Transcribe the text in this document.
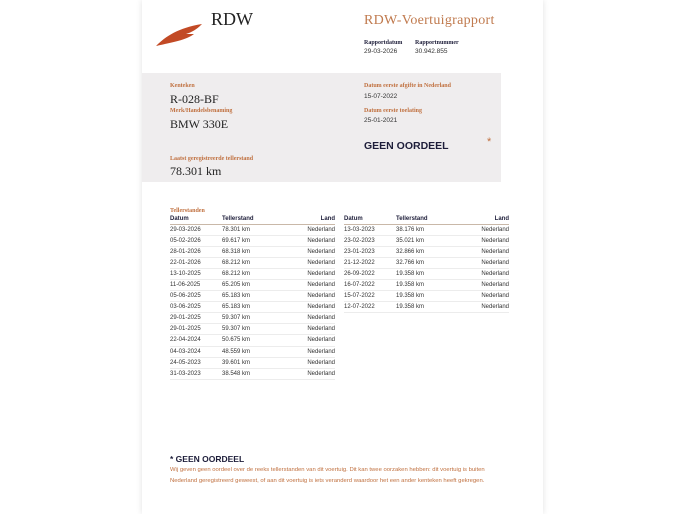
RDW	RDW-Voertuigrapport
Rapportdatum
29-03-2026
Rapportnummer
30.942.855
Kenteken
R-028-BF
Merk/Handelsbenaming
BMW 330E
Laatst geregistreerde tellerstand
78.301 km
Datum eerste afgifte in Nederland
15-07-2022
Datum eerste toelating
25-01-2021
GEEN OORDEEL	*
Tellerstanden
Datum	Tellerstand	Land
29-03-2026	78.301 km	Nederland
05-02-2026	69.617 km	Nederland
28-01-2026	68.318 km	Nederland
22-01-2026	68.212 km	Nederland
13-10-2025	68.212 km	Nederland
11-06-2025	65.205 km	Nederland
05-06-2025	65.183 km	Nederland
03-06-2025	65.183 km	Nederland
29-01-2025	59.307 km	Nederland
29-01-2025	59.307 km	Nederland
22-04-2024	50.675 km	Nederland
04-03-2024	48.559 km	Nederland
24-05-2023	39.601 km	Nederland
31-03-2023	38.548 km	Nederland
Datum	Tellerstand	Land
13-03-2023	38.176 km	Nederland
23-02-2023	35.021 km	Nederland
23-01-2023	32.866 km	Nederland
21-12-2022	32.766 km	Nederland
26-09-2022	19.358 km	Nederland
16-07-2022	19.358 km	Nederland
15-07-2022	19.358 km	Nederland
12-07-2022	19.358 km	Nederland
* GEEN OORDEEL
Wij geven geen oordeel over de reeks tellerstanden van dit voertuig. Dit kan twee oorzaken hebben: dit voertuig is buiten Nederland geregistreerd geweest, of aan dit voertuig is iets veranderd waardoor het een ander kenteken heeft gekregen.
